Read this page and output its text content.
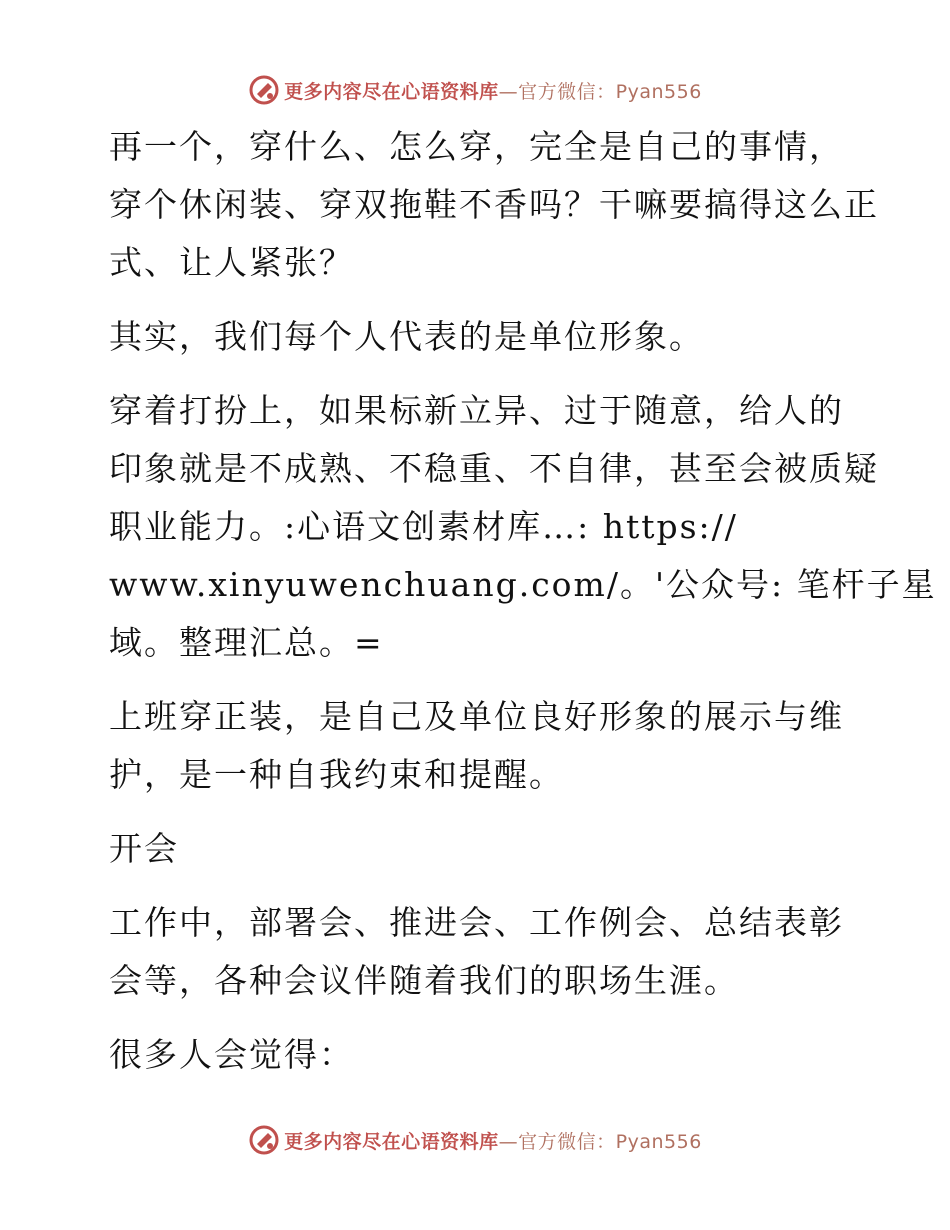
更多内容尽在心语资料库—官方微信：Pyan556

再一个，穿什么、怎么穿，完全是自己的事情，
穿个休闲装、穿双拖鞋不香吗？干嘛要搞得这么正
式、让人紧张？

其实，我们每个人代表的是单位形象。

穿着打扮上，如果标新立异、过于随意，给人的
印象就是不成熟、不稳重、不自律，甚至会被质疑
职业能力。:心语文创素材库…: https://
www.xinyuwenchuang.com/。'公众号: 笔杆子星
域。整理汇总。=

上班穿正装，是自己及单位良好形象的展示与维
护，是一种自我约束和提醒。

开会

工作中，部署会、推进会、工作例会、总结表彰
会等，各种会议伴随着我们的职场生涯。

很多人会觉得：

更多内容尽在心语资料库—官方微信：Pyan556
